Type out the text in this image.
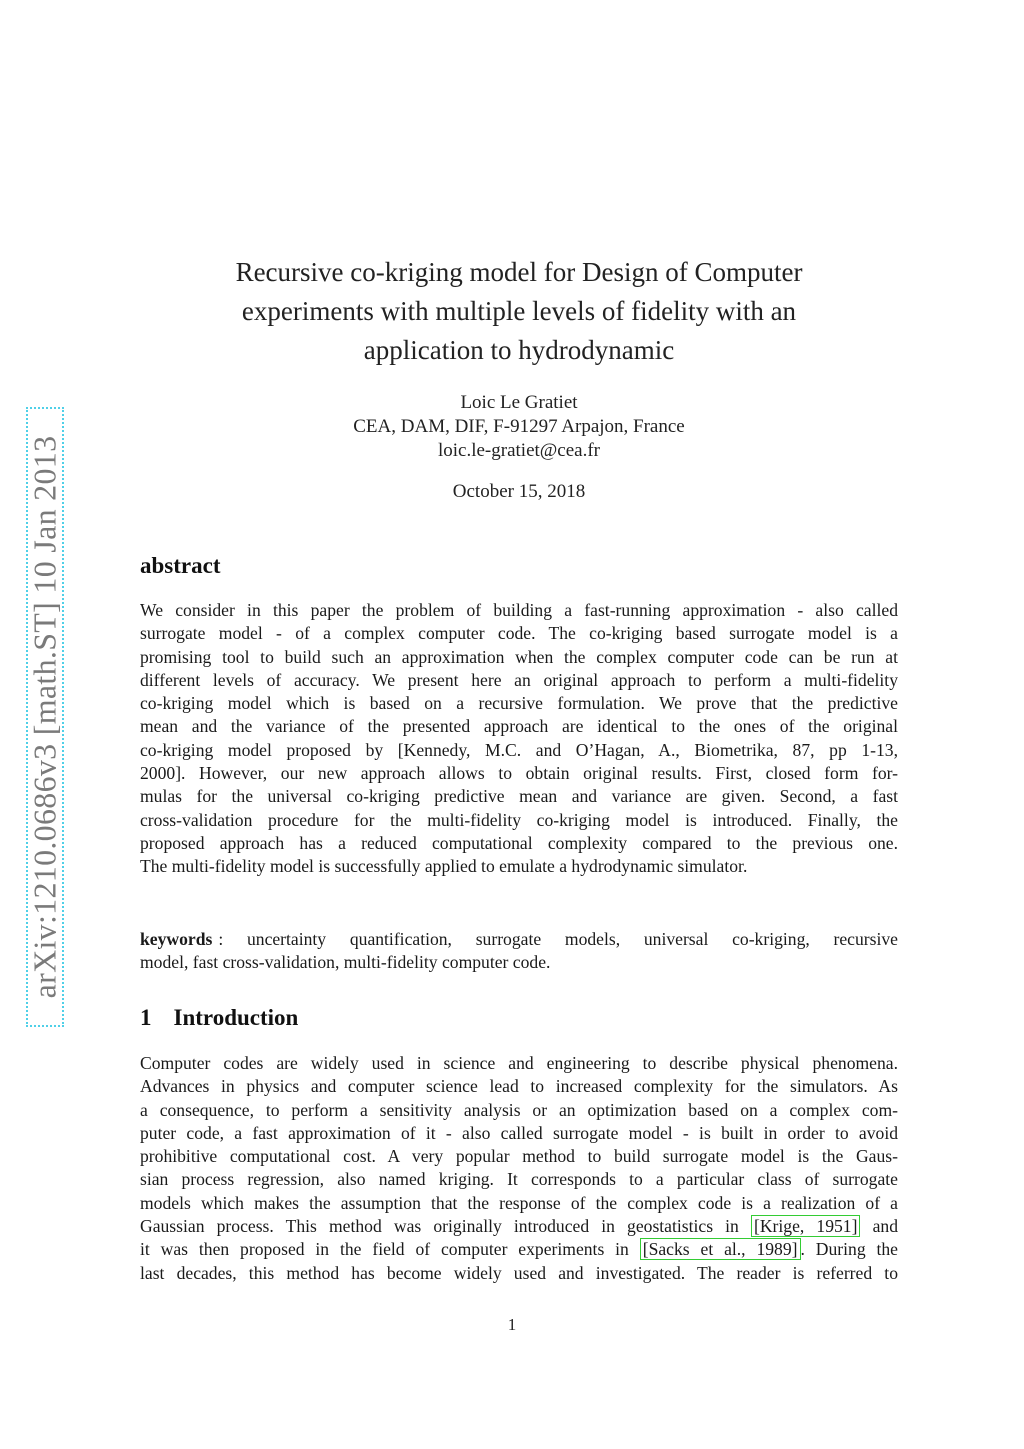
arXiv:1210.0686v3 [math.ST] 10 Jan 2013
Recursive co-kriging model for Design of Computer
experiments with multiple levels of fidelity with an
application to hydrodynamic
Loic Le Gratiet
CEA, DAM, DIF, F-91297 Arpajon, France
loic.le-gratiet@cea.fr
October 15, 2018
abstract
We consider in this paper the problem of building a fast-running approximation - also called
surrogate model - of a complex computer code. The co-kriging based surrogate model is a
promising tool to build such an approximation when the complex computer code can be run at
different levels of accuracy. We present here an original approach to perform a multi-fidelity
co-kriging model which is based on a recursive formulation. We prove that the predictive
mean and the variance of the presented approach are identical to the ones of the original
co-kriging model proposed by [Kennedy, M.C. and O’Hagan, A., Biometrika, 87, pp 1-13,
2000]. However, our new approach allows to obtain original results. First, closed form for-
mulas for the universal co-kriging predictive mean and variance are given. Second, a fast
cross-validation procedure for the multi-fidelity co-kriging model is introduced. Finally, the
proposed approach has a reduced computational complexity compared to the previous one.
The multi-fidelity model is successfully applied to emulate a hydrodynamic simulator.
keywords : uncertainty quantification, surrogate models, universal co-kriging, recursive
model, fast cross-validation, multi-fidelity computer code.
1 Introduction
Computer codes are widely used in science and engineering to describe physical phenomena.
Advances in physics and computer science lead to increased complexity for the simulators. As
a consequence, to perform a sensitivity analysis or an optimization based on a complex com-
puter code, a fast approximation of it - also called surrogate model - is built in order to avoid
prohibitive computational cost. A very popular method to build surrogate model is the Gaus-
sian process regression, also named kriging. It corresponds to a particular class of surrogate
models which makes the assumption that the response of the complex code is a realization of a
Gaussian process. This method was originally introduced in geostatistics in [Krige, 1951] and
it was then proposed in the field of computer experiments in [Sacks et al., 1989] . During the
last decades, this method has become widely used and investigated. The reader is referred to
1
